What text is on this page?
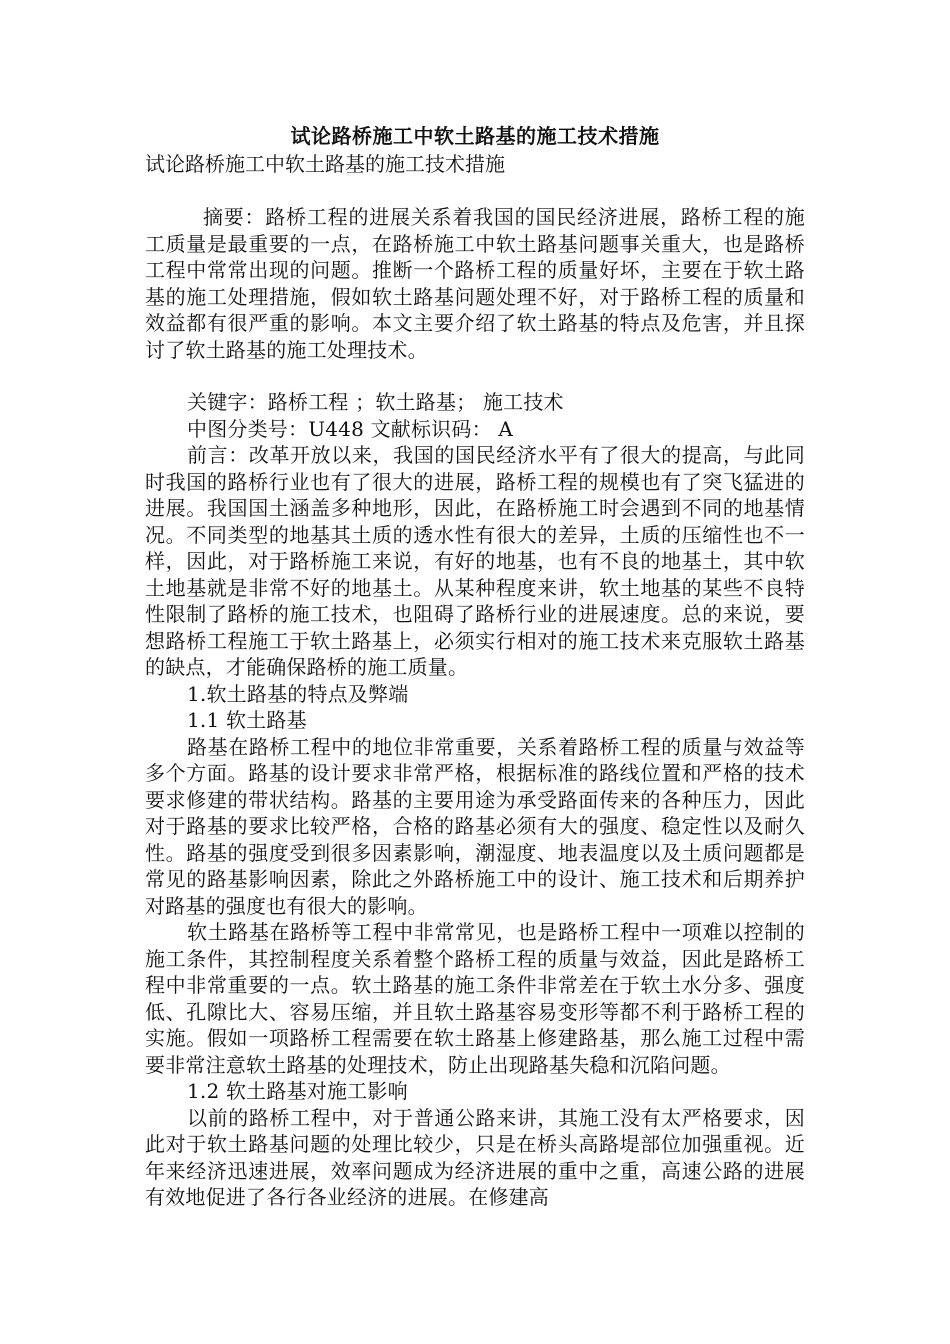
试论路桥施工中软土路基的施工技术措施

试论路桥施工中软土路基的施工技术措施

摘要：路桥工程的进展关系着我国的国民经济进展，路桥工程的施工质量是最重要的一点，在路桥施工中软土路基问题事关重大，也是路桥工程中常常出现的问题。推断一个路桥工程的质量好坏，主要在于软土路基的施工处理措施，假如软土路基问题处理不好，对于路桥工程的质量和效益都有很严重的影响。本文主要介绍了软土路基的特点及危害，并且探讨了软土路基的施工处理技术。

关键字：路桥工程 ；软土路基； 施工技术

中图分类号：U448 文献标识码： A

前言：改革开放以来，我国的国民经济水平有了很大的提高，与此同时我国的路桥行业也有了很大的进展，路桥工程的规模也有了突飞猛进的进展。我国国土涵盖多种地形，因此，在路桥施工时会遇到不同的地基情况。不同类型的地基其土质的透水性有很大的差异，土质的压缩性也不一样，因此，对于路桥施工来说，有好的地基，也有不良的地基土，其中软土地基就是非常不好的地基土。从某种程度来讲，软土地基的某些不良特性限制了路桥的施工技术，也阻碍了路桥行业的进展速度。总的来说，要想路桥工程施工于软土路基上，必须实行相对的施工技术来克服软土路基的缺点，才能确保路桥的施工质量。

1.软土路基的特点及弊端

1.1 软土路基

路基在路桥工程中的地位非常重要，关系着路桥工程的质量与效益等多个方面。路基的设计要求非常严格，根据标准的路线位置和严格的技术要求修建的带状结构。路基的主要用途为承受路面传来的各种压力，因此对于路基的要求比较严格，合格的路基必须有大的强度、稳定性以及耐久性。路基的强度受到很多因素影响，潮湿度、地表温度以及土质问题都是常见的路基影响因素，除此之外路桥施工中的设计、施工技术和后期养护对路基的强度也有很大的影响。

软土路基在路桥等工程中非常常见，也是路桥工程中一项难以控制的施工条件，其控制程度关系着整个路桥工程的质量与效益，因此是路桥工程中非常重要的一点。软土路基的施工条件非常差在于软土水分多、强度低、孔隙比大、容易压缩，并且软土路基容易变形等都不利于路桥工程的实施。假如一项路桥工程需要在软土路基上修建路基，那么施工过程中需要非常注意软土路基的处理技术，防止出现路基失稳和沉陷问题。

1.2 软土路基对施工影响

以前的路桥工程中，对于普通公路来讲，其施工没有太严格要求，因此对于软土路基问题的处理比较少，只是在桥头高路堤部位加强重视。近年来经济迅速进展，效率问题成为经济进展的重中之重，高速公路的进展有效地促进了各行各业经济的进展。在修建高
